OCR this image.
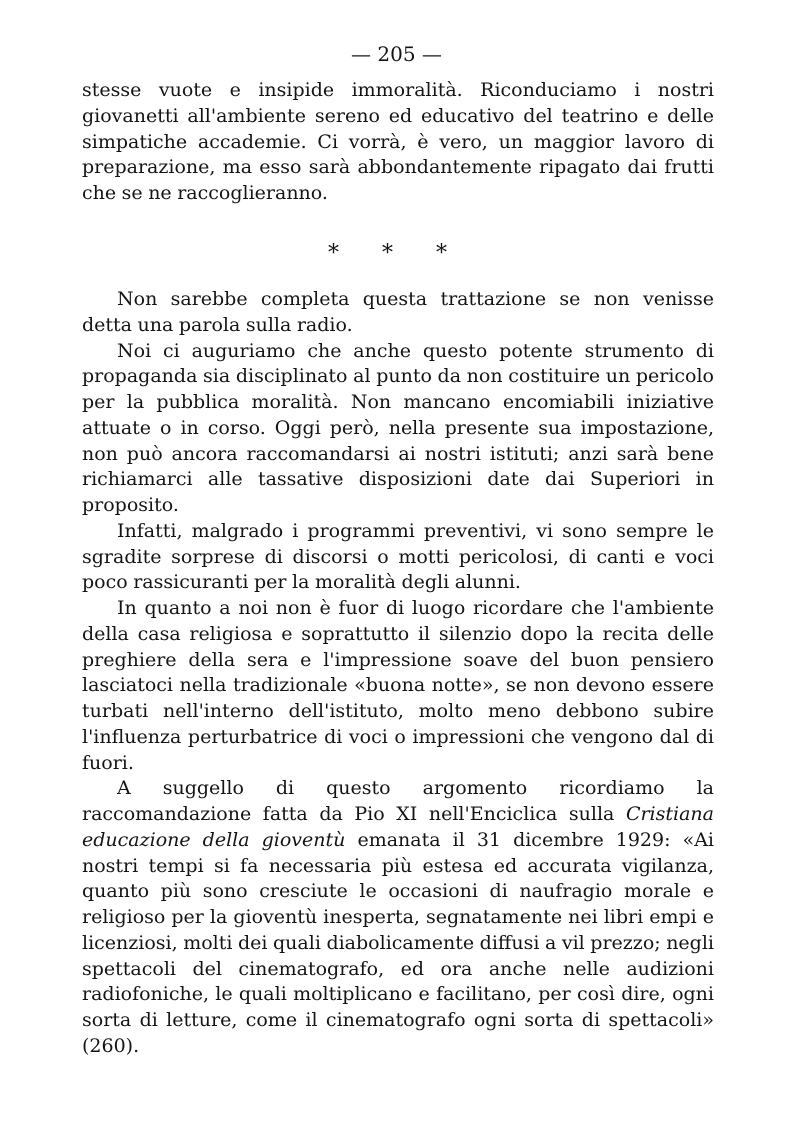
— 205 —

stesse vuote e insipide immoralità. Riconduciamo i nostri giovanetti all'ambiente sereno ed educativo del teatrino e delle simpatiche accademie. Ci vorrà, è vero, un maggior lavoro di preparazione, ma esso sarà abbondantemente ripagato dai frutti che se ne raccoglieranno.

* * *

Non sarebbe completa questa trattazione se non venisse detta una parola sulla radio.

Noi ci auguriamo che anche questo potente strumento di propaganda sia disciplinato al punto da non costituire un pericolo per la pubblica moralità. Non mancano encomiabili iniziative attuate o in corso. Oggi però, nella presente sua impostazione, non può ancora raccomandarsi ai nostri istituti; anzi sarà bene richiamarci alle tassative disposizioni date dai Superiori in proposito.

Infatti, malgrado i programmi preventivi, vi sono sempre le sgradite sorprese di discorsi o motti pericolosi, di canti e voci poco rassicuranti per la moralità degli alunni.

In quanto a noi non è fuor di luogo ricordare che l'ambiente della casa religiosa e soprattutto il silenzio dopo la recita delle preghiere della sera e l'impressione soave del buon pensiero lasciatoci nella tradizionale «buona notte», se non devono essere turbati nell'interno dell'istituto, molto meno debbono subire l'influenza perturbatrice di voci o impressioni che vengono dal di fuori.

A suggello di questo argomento ricordiamo la raccomandazione fatta da Pio XI nell'Enciclica sulla Cristiana educazione della gioventù emanata il 31 dicembre 1929: «Ai nostri tempi si fa necessaria più estesa ed accurata vigilanza, quanto più sono cresciute le occasioni di naufragio morale e religioso per la gioventù inesperta, segnatamente nei libri empi e licenziosi, molti dei quali diabolicamente diffusi a vil prezzo; negli spettacoli del cinematografo, ed ora anche nelle audizioni radiofoniche, le quali moltiplicano e facilitano, per così dire, ogni sorta di letture, come il cinematografo ogni sorta di spettacoli» (260).
